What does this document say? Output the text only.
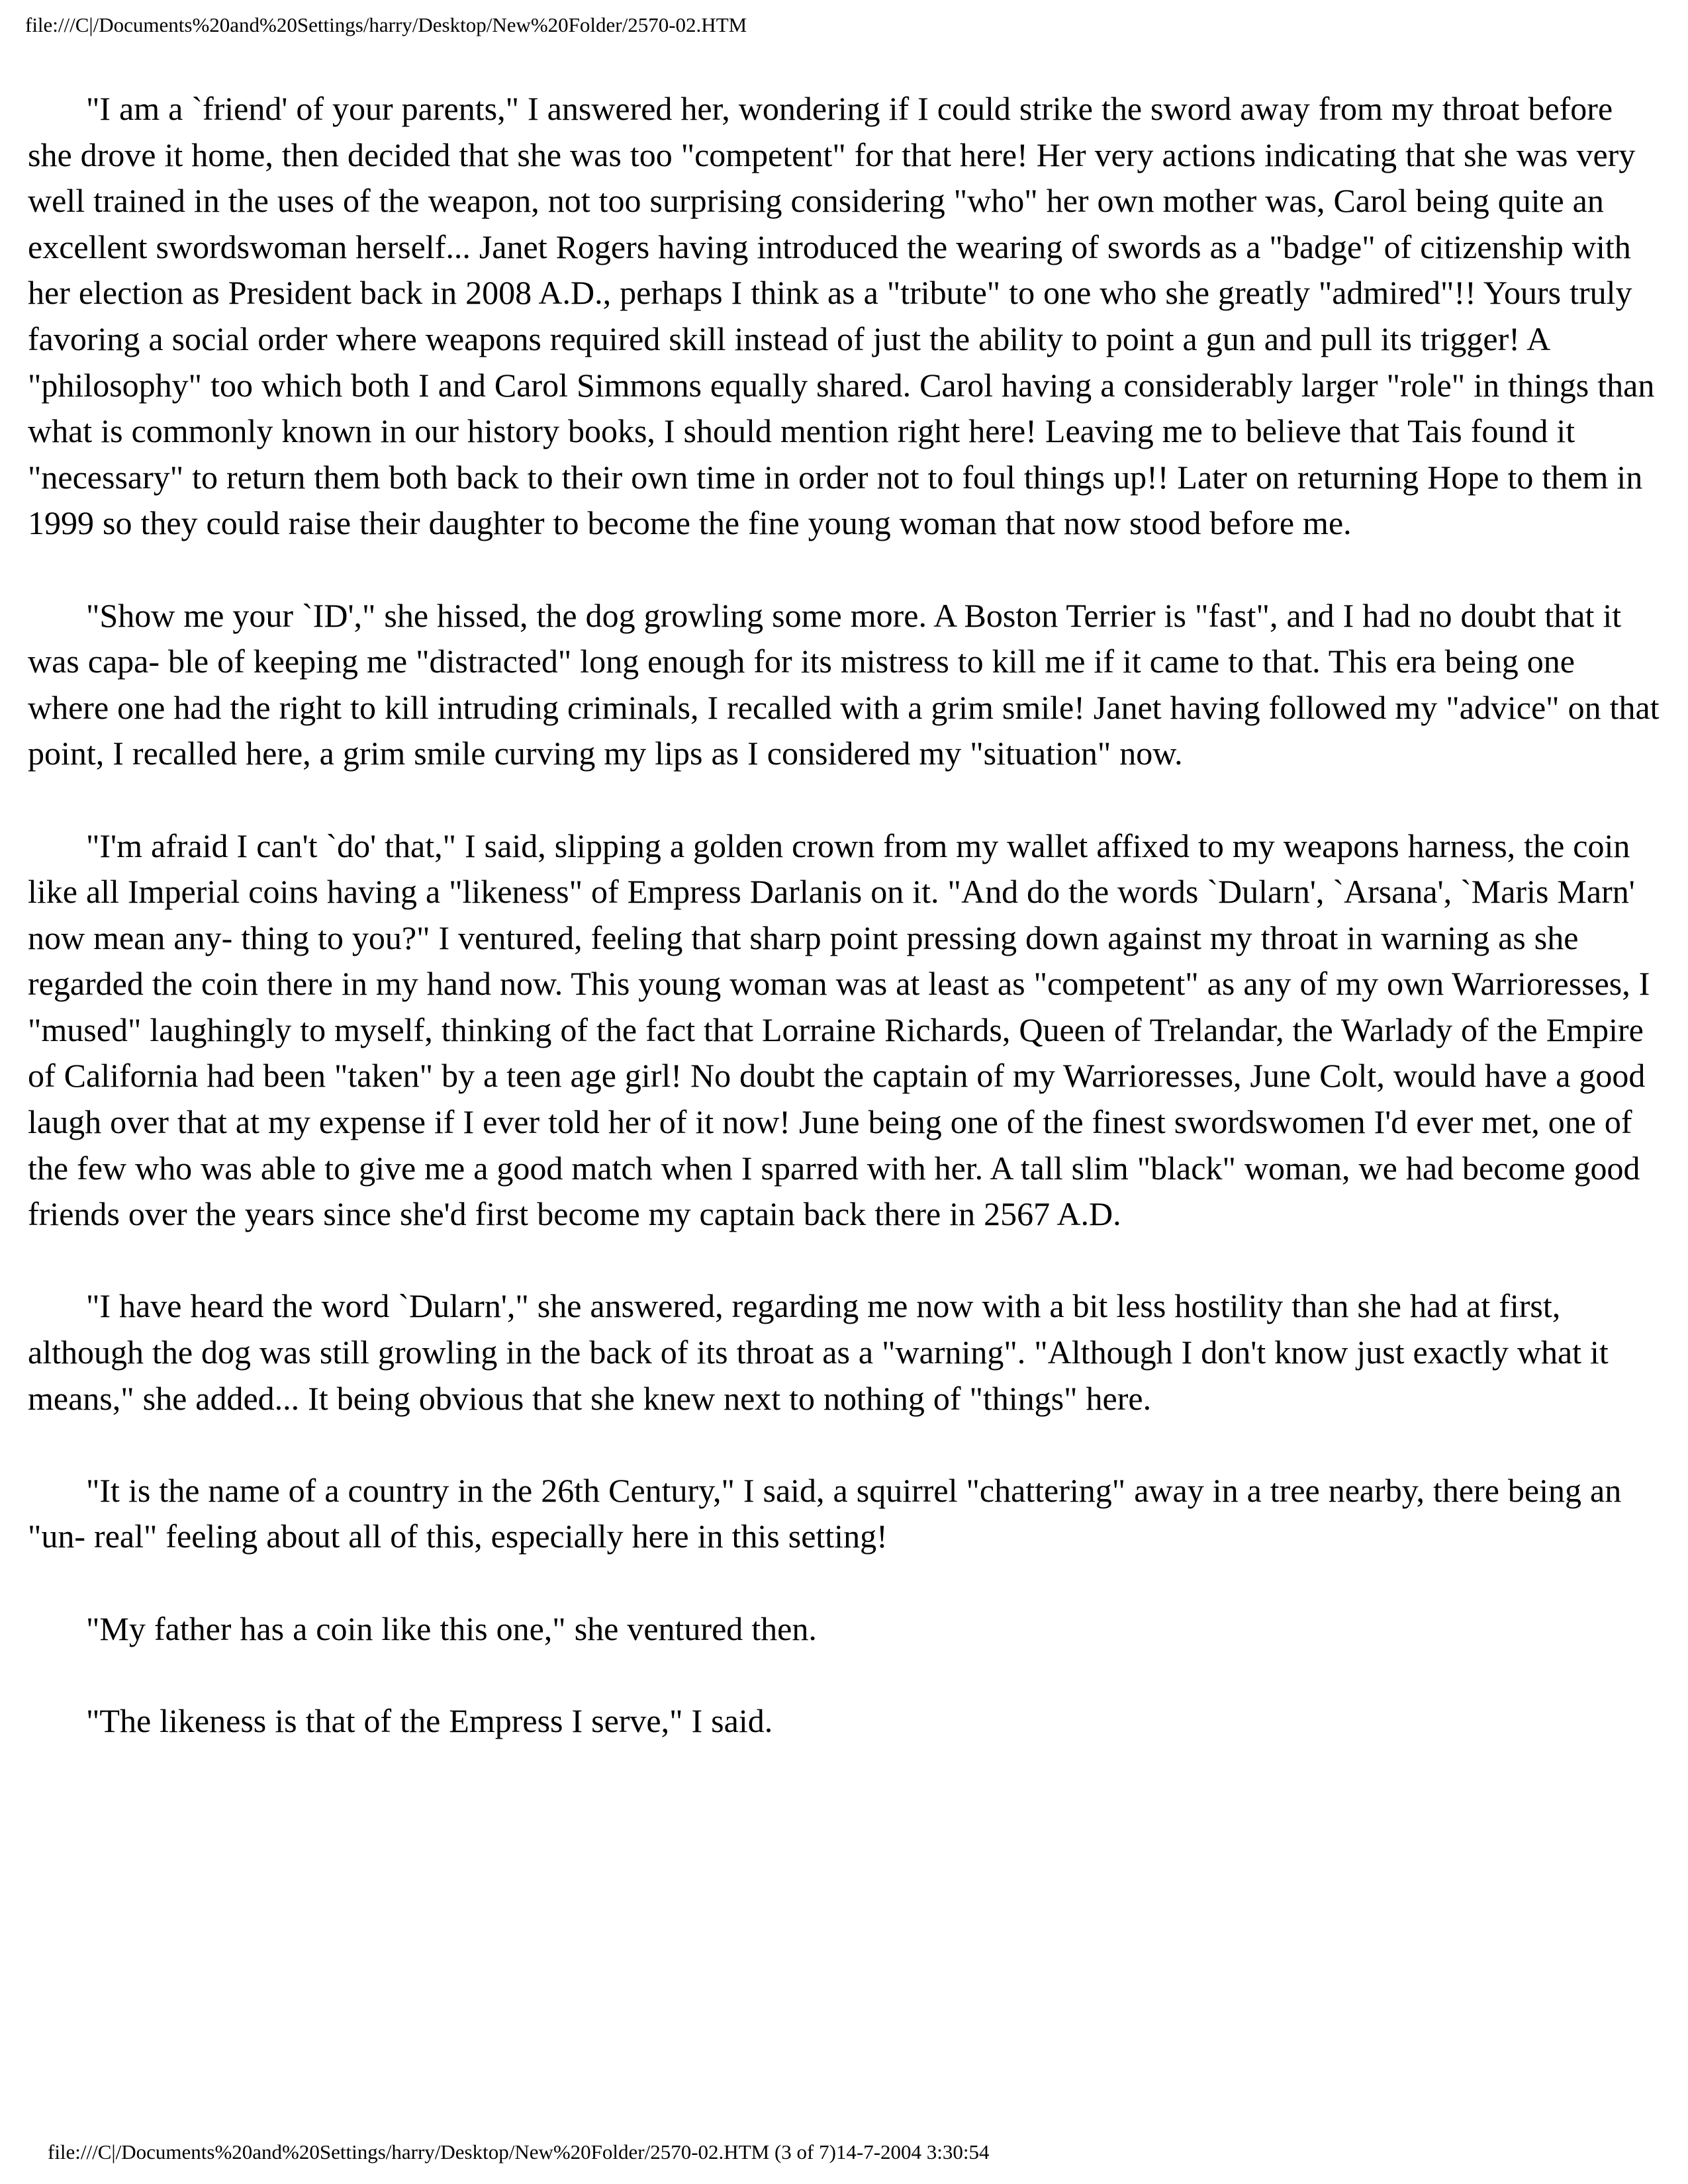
file:///C|/Documents%20and%20Settings/harry/Desktop/New%20Folder/2570-02.HTM

"I am a `friend' of your parents," I answered her, wondering if I could strike the sword away from my throat before she drove it home, then decided that she was too "competent" for that here! Her very actions indicating that she was very well trained in the uses of the weapon, not too surprising considering "who" her own mother was, Carol being quite an excellent swordswoman herself... Janet Rogers having introduced the wearing of swords as a "badge" of citizenship with her election as President back in 2008 A.D., perhaps I think as a "tribute" to one who she greatly "admired"!! Yours truly favoring a social order where weapons required skill instead of just the ability to point a gun and pull its trigger! A "philosophy" too which both I and Carol Simmons equally shared. Carol having a considerably larger "role" in things than what is commonly known in our history books, I should mention right here! Leaving me to believe that Tais found it "necessary" to return them both back to their own time in order not to foul things up!! Later on returning Hope to them in 1999 so they could raise their daughter to become the fine young woman that now stood before me.

"Show me your `ID'," she hissed, the dog growling some more. A Boston Terrier is "fast", and I had no doubt that it was capa- ble of keeping me "distracted" long enough for its mistress to kill me if it came to that. This era being one where one had the right to kill intruding criminals, I recalled with a grim smile! Janet having followed my "advice" on that point, I recalled here, a grim smile curving my lips as I considered my "situation" now.

"I'm afraid I can't `do' that," I said, slipping a golden crown from my wallet affixed to my weapons harness, the coin like all Imperial coins having a "likeness" of Empress Darlanis on it. "And do the words `Dularn', `Arsana', `Maris Marn' now mean any- thing to you?" I ventured, feeling that sharp point pressing down against my throat in warning as she regarded the coin there in my hand now. This young woman was at least as "competent" as any of my own Warrioresses, I "mused" laughingly to myself, thinking of the fact that Lorraine Richards, Queen of Trelandar, the Warlady of the Empire of California had been "taken" by a teen age girl! No doubt the captain of my Warrioresses, June Colt, would have a good laugh over that at my expense if I ever told her of it now! June being one of the finest swordswomen I'd ever met, one of the few who was able to give me a good match when I sparred with her. A tall slim "black" woman, we had become good friends over the years since she'd first become my captain back there in 2567 A.D.

"I have heard the word `Dularn'," she answered, regarding me now with a bit less hostility than she had at first, although the dog was still growling in the back of its throat as a "warning". "Although I don't know just exactly what it means," she added... It being obvious that she knew next to nothing of "things" here.

"It is the name of a country in the 26th Century," I said, a squirrel "chattering" away in a tree nearby, there being an "un- real" feeling about all of this, especially here in this setting!

"My father has a coin like this one," she ventured then.

"The likeness is that of the Empress I serve," I said.

file:///C|/Documents%20and%20Settings/harry/Desktop/New%20Folder/2570-02.HTM (3 of 7)14-7-2004 3:30:54
